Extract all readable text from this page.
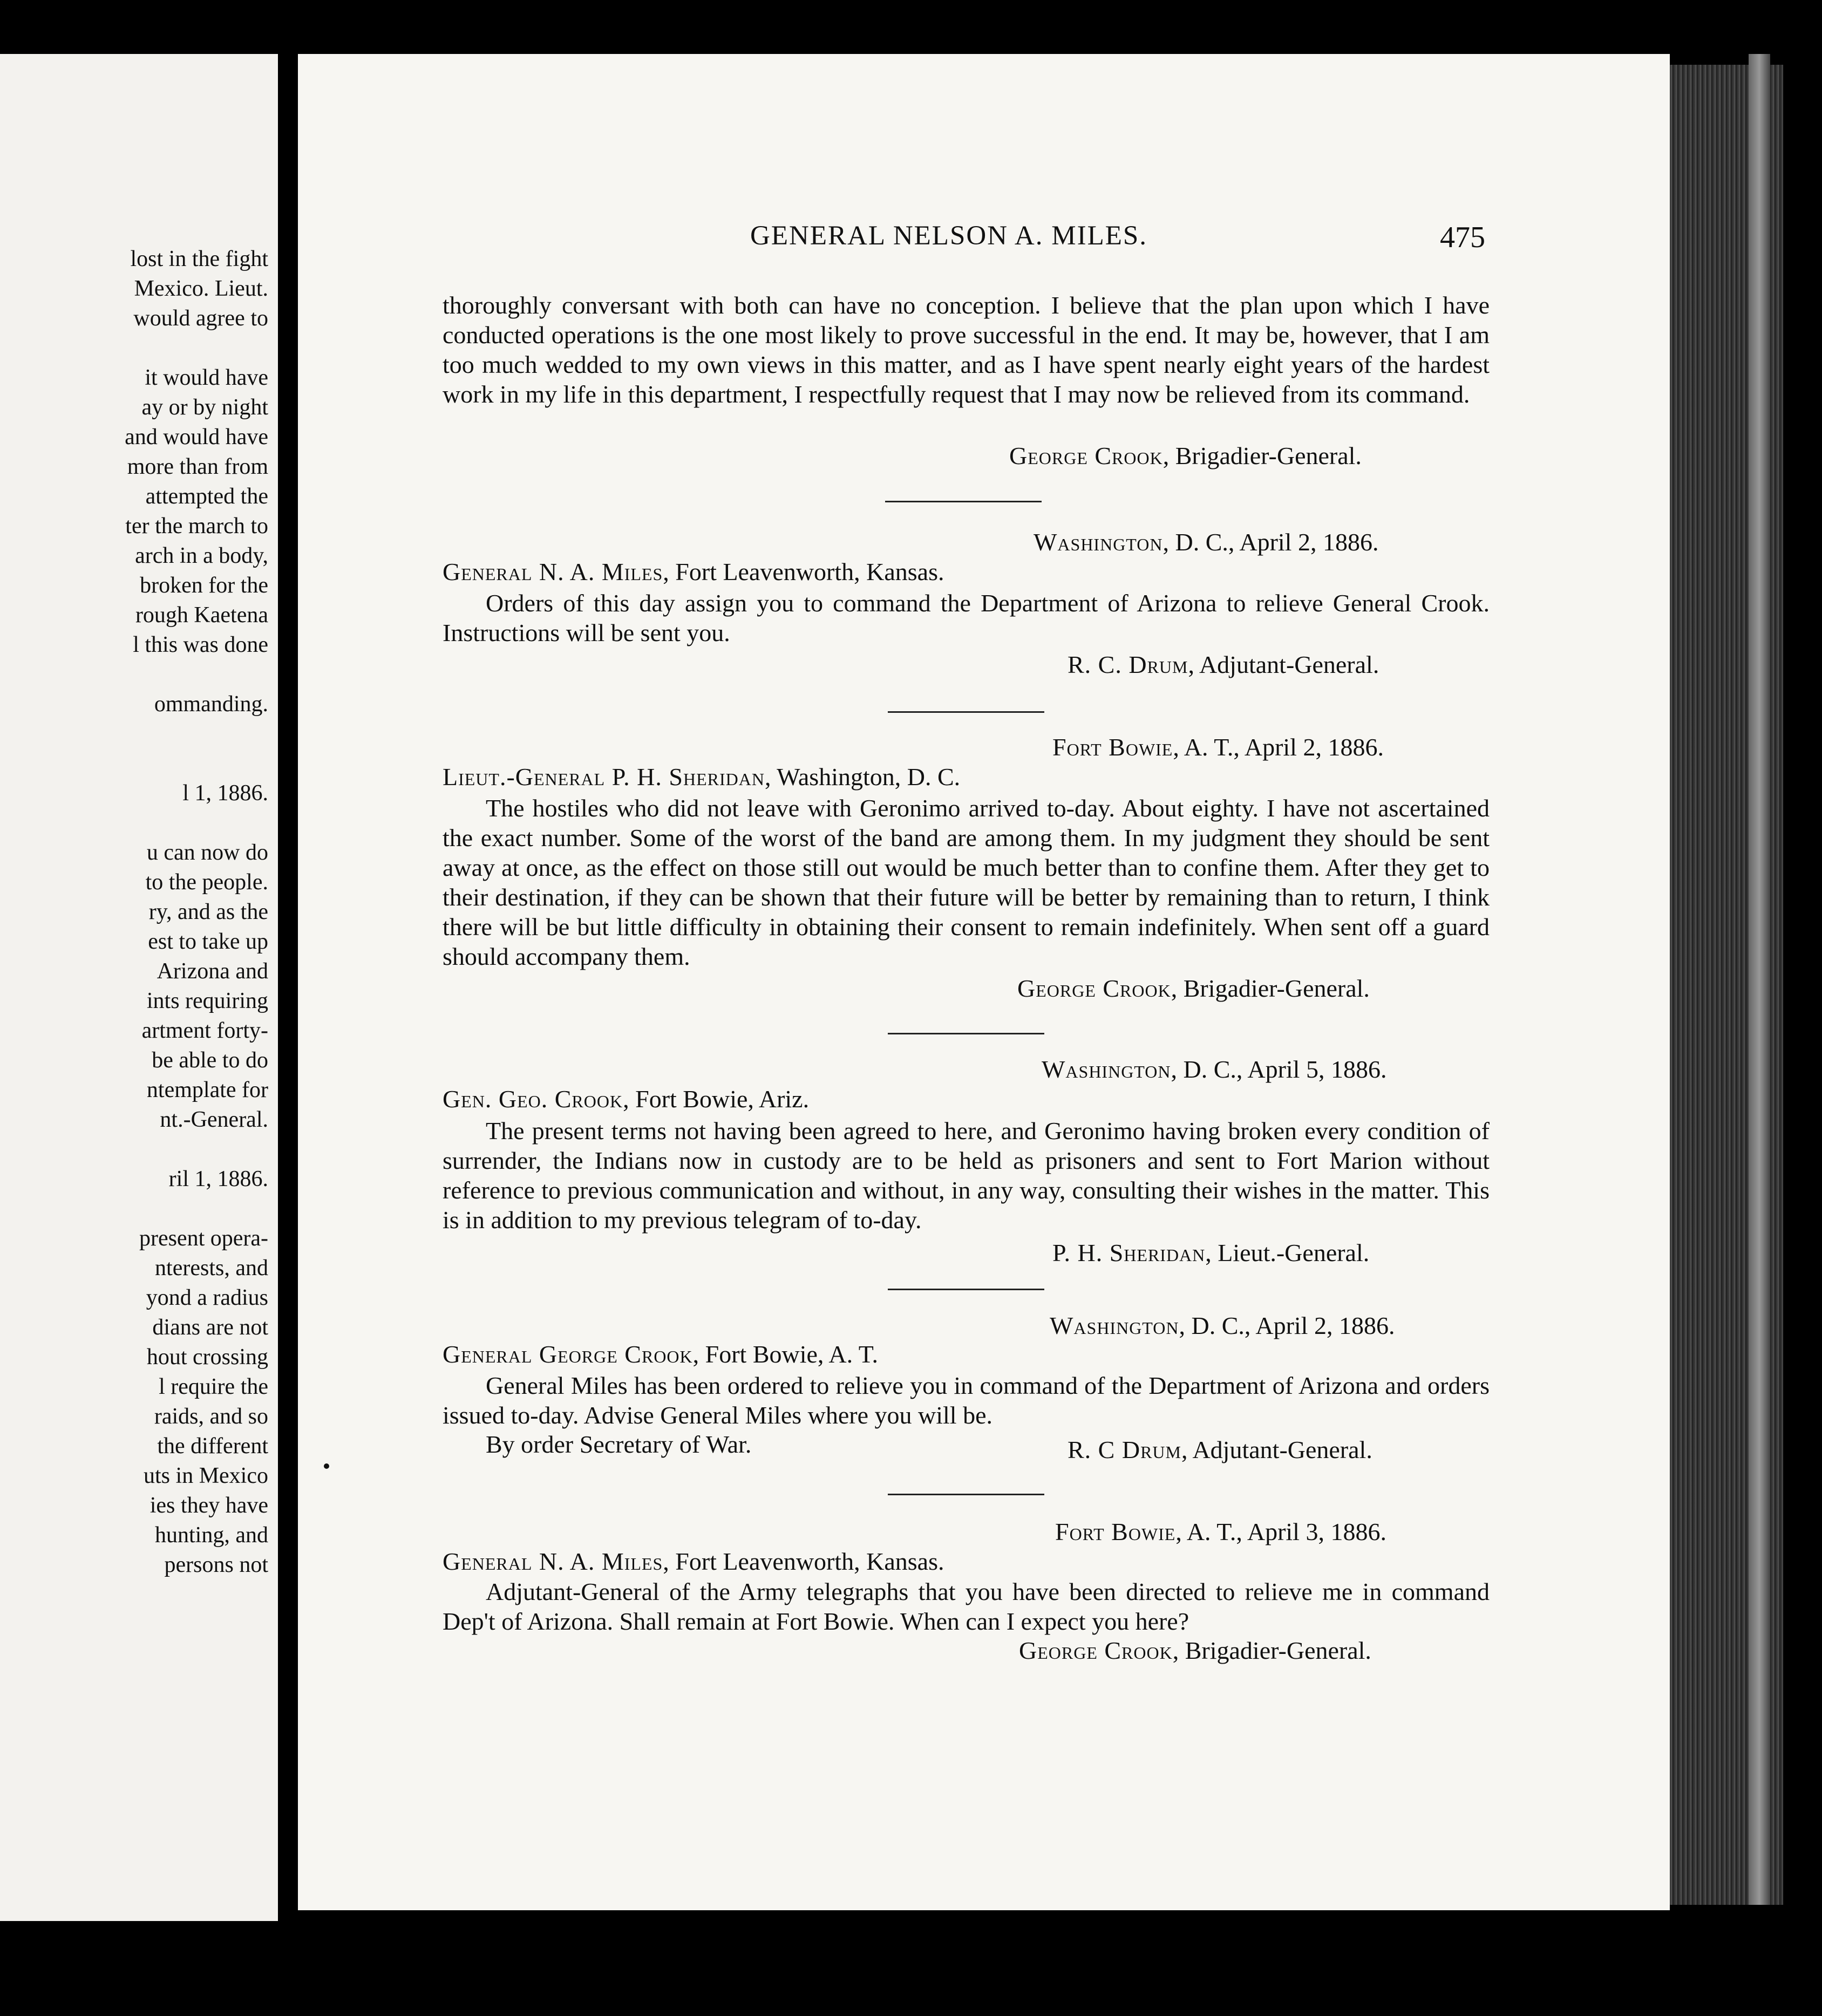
lost in the fight
Mexico. Lieut.
would agree to
it would have
ay or by night
and would have
more than from
attempted the
ter the march to
arch in a body,
broken for the
rough Kaetena
l this was done
ommanding.
l 1, 1886.
u can now do
to the people.
ry, and as the
est to take up
Arizona and
ints requiring
artment forty-
be able to do
ntemplate for
nt.-General.
ril 1, 1886.
present opera-
nterests, and
yond a radius
dians are not
hout crossing
l require the
raids, and so
the different
uts in Mexico
ies they have
hunting, and
persons not
GENERAL NELSON A. MILES.	475

thoroughly conversant with both can have no conception. I believe that the plan upon which I have conducted operations is the one most likely to prove successful in the end. It may be, however, that I am too much wedded to my own views in this matter, and as I have spent nearly eight years of the hardest work in my life in this department, I respectfully request that I may now be relieved from its command.

George Crook, Brigadier-General.
Washington, D. C., April 2, 1886.
General N. A. Miles, Fort Leavenworth, Kansas.

Orders of this day assign you to command the Department of Arizona to relieve General Crook. Instructions will be sent you.

R. C. Drum, Adjutant-General.
Fort Bowie, A. T., April 2, 1886.
Lieut.-General P. H. Sheridan, Washington, D. C.

The hostiles who did not leave with Geronimo arrived to-day. About eighty. I have not ascertained the exact number. Some of the worst of the band are among them. In my judgment they should be sent away at once, as the effect on those still out would be much better than to confine them. After they get to their destination, if they can be shown that their future will be better by remaining than to return, I think there will be but little difficulty in obtaining their consent to remain indefinitely. When sent off a guard should accompany them.

George Crook, Brigadier-General.
Washington, D. C., April 5, 1886.
Gen. Geo. Crook, Fort Bowie, Ariz.

The present terms not having been agreed to here, and Geronimo having broken every condition of surrender, the Indians now in custody are to be held as prisoners and sent to Fort Marion without reference to previous communication and without, in any way, consulting their wishes in the matter. This is in addition to my previous telegram of to-day.

P. H. Sheridan, Lieut.-General.
Washington, D. C., April 2, 1886.
General George Crook, Fort Bowie, A. T.

General Miles has been ordered to relieve you in command of the Department of Arizona and orders issued to-day. Advise General Miles where you will be.

By order Secretary of War.	R. C Drum, Adjutant-General.
Fort Bowie, A. T., April 3, 1886.
General N. A. Miles, Fort Leavenworth, Kansas.

Adjutant-General of the Army telegraphs that you have been directed to relieve me in command Dep't of Arizona. Shall remain at Fort Bowie. When can I expect you here?

George Crook, Brigadier-General.
